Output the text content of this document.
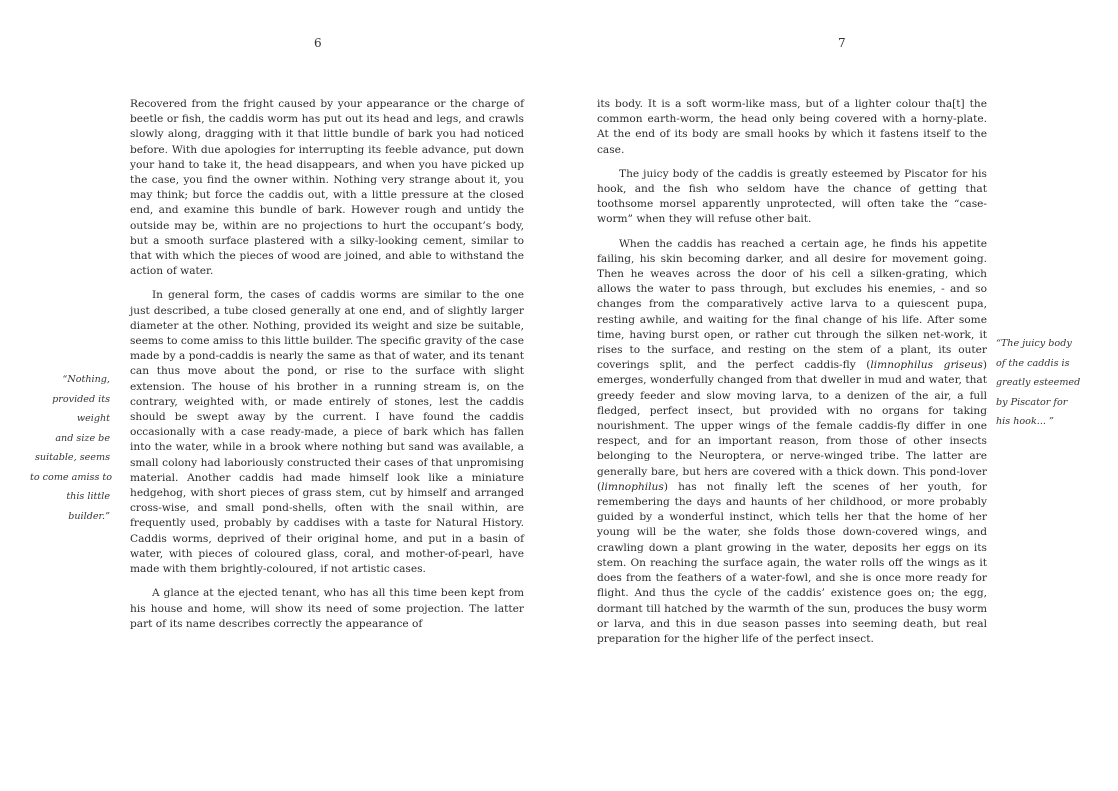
6

Recovered from the fright caused by your appearance or the charge of beetle or fish, the caddis worm has put out its head and legs, and crawls slowly along, dragging with it that little bundle of bark you had noticed before. With due apologies for interrupting its feeble advance, put down your hand to take it, the head disappears, and when you have picked up the case, you find the owner within. Nothing very strange about it, you may think; but force the caddis out, with a little pressure at the closed end, and examine this bundle of bark. However rough and untidy the outside may be, within are no projections to hurt the occupant’s body, but a smooth surface plastered with a silky-looking cement, similar to that with which the pieces of wood are joined, and able to withstand the action of water.

In general form, the cases of caddis worms are similar to the one just described, a tube closed generally at one end, and of slightly larger diameter at the other. Nothing, provided its weight and size be suitable, seems to come amiss to this little builder. The specific gravity of the case made by a pond-caddis is nearly the same as that of water, and its tenant can thus move about the pond, or rise to the surface with slight extension. The house of his brother in a running stream is, on the contrary, weighted with, or made entirely of stones, lest the caddis should be swept away by the current. I have found the caddis occasionally with a case ready-made, a piece of bark which has fallen into the water, while in a brook where nothing but sand was available, a small colony had laboriously constructed their cases of that unpromising material. Another caddis had made himself look like a miniature hedgehog, with short pieces of grass stem, cut by himself and arranged cross-wise, and small pond-shells, often with the snail within, are frequently used, probably by caddises with a taste for Natural History. Caddis worms, deprived of their original home, and put in a basin of water, with pieces of coloured glass, coral, and mother-of-pearl, have made with them brightly-coloured, if not artistic cases.

A glance at the ejected tenant, who has all this time been kept from his house and home, will show its need of some projection. The latter part of its name describes correctly the appearance of

“Nothing,
provided its
weight
and size be
suitable, seems
to come amiss to
this little
builder.”
7

its body. It is a soft worm-like mass, but of a lighter colour tha[t] the common earth-worm, the head only being covered with a horny-plate. At the end of its body are small hooks by which it fastens itself to the case.

The juicy body of the caddis is greatly esteemed by Piscator for his hook, and the fish who seldom have the chance of getting that toothsome morsel apparently unprotected, will often take the “case-worm” when they will refuse other bait.

When the caddis has reached a certain age, he finds his appetite failing, his skin becoming darker, and all desire for movement going. Then he weaves across the door of his cell a silken-grating, which allows the water to pass through, but excludes his enemies, - and so changes from the comparatively active larva to a quiescent pupa, resting awhile, and waiting for the final change of his life. After some time, having burst open, or rather cut through the silken net-work, it rises to the surface, and resting on the stem of a plant, its outer coverings split, and the perfect caddis-fly (limnophilus griseus) emerges, wonderfully changed from that dweller in mud and water, that greedy feeder and slow moving larva, to a denizen of the air, a full fledged, perfect insect, but provided with no organs for taking nourishment. The upper wings of the female caddis-fly differ in one respect, and for an important reason, from those of other insects belonging to the Neuroptera, or nerve-winged tribe. The latter are generally bare, but hers are covered with a thick down. This pond-lover (limnophilus) has not finally left the scenes of her youth, for remembering the days and haunts of her childhood, or more probably guided by a wonderful instinct, which tells her that the home of her young will be the water, she folds those down-covered wings, and crawling down a plant growing in the water, deposits her eggs on its stem. On reaching the surface again, the water rolls off the wings as it does from the feathers of a water-fowl, and she is once more ready for flight. And thus the cycle of the caddis’ existence goes on; the egg, dormant till hatched by the warmth of the sun, produces the busy worm or larva, and this in due season passes into seeming death, but real preparation for the higher life of the perfect insect.

“The juicy body
of the caddis is
greatly esteemed
by Piscator for
his hook... ”
